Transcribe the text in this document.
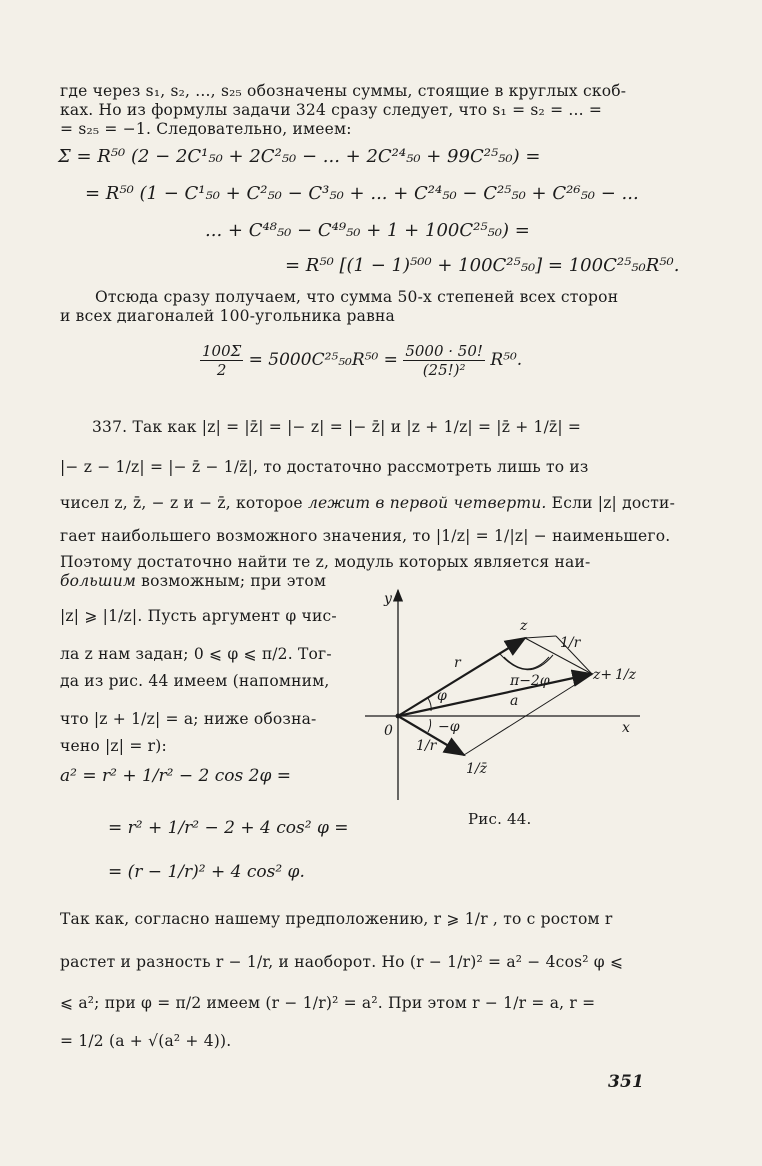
где через s₁, s₂, ..., s₂₅ обозначены суммы, стоящие в круглых скоб-
ках. Но из формулы задачи 324 сразу следует, что s₁ = s₂ = ... =
= s₂₅ = −1. Следовательно, имеем:
Σ = R⁵⁰ (2 − 2C¹₅₀ + 2C²₅₀ − ... + 2C²⁴₅₀ + 99C²⁵₅₀) =
= R⁵⁰ (1 − C¹₅₀ + C²₅₀ − C³₅₀ + ... + C²⁴₅₀ − C²⁵₅₀ + C²⁶₅₀ − ...
... + C⁴⁸₅₀ − C⁴⁹₅₀ + 1 + 100C²⁵₅₀) =
= R⁵⁰ [(1 − 1)⁵⁰⁰ + 100C²⁵₅₀] = 100C²⁵₅₀R⁵⁰.
Отсюда сразу получаем, что сумма 50-х степеней всех сторон
и всех диагоналей 100-угольника равна
$\frac{100\Sigma}{2} = 5000C^{25}_{50}R^{50} = \frac{5000 \cdot 50!}{\text{(25!)²}} R^{50}$.
337. Так как |z| = |z̄| = |− z| = |− z̄| и |z + 1/z| = |z̄ + 1/z̄| =
|− z − 1/z| = |− z̄ − 1/z̄|, то достаточно рассмотреть лишь то из
чисел z, z̄, − z и − z̄, которое лежит в первой четверти. Если |z| дости-
гает наибольшего возможного значения, то |1/z| = 1/|z| − наименьшего.
Поэтому достаточно найти те z, модуль которых является наи-
большим возможным; при этом
|z| ⩾ |1/z|. Пусть аргумент φ чис-
ла z нам задан; 0 ⩽ φ ⩽ π/2. Тог-
да из рис. 44 имеем (напомним,
что |z + 1/z| = a; ниже обозна-
чено |z| = r):
a² = r² + 1/r² − 2 cos 2φ =
= r² + 1/r² − 2 + 4 cos² φ =
= (r − 1/r)² + 4 cos² φ.
y
x
0
z
z+ 1/z
1/z̄
1/r
1/r
r
a
φ
−φ
π−2φ
Рис. 44.
Так как, согласно нашему предположению, r ⩾ 1/r , то с ростом r
растет и разность r − 1/r, и наоборот. Но (r − 1/r)² = a² − 4cos² φ ⩽
⩽ a²; при φ = π/2 имеем (r − 1/r)² = a². При этом r − 1/r = a, r =
= 1/2 (a + √(a² + 4)).
351
